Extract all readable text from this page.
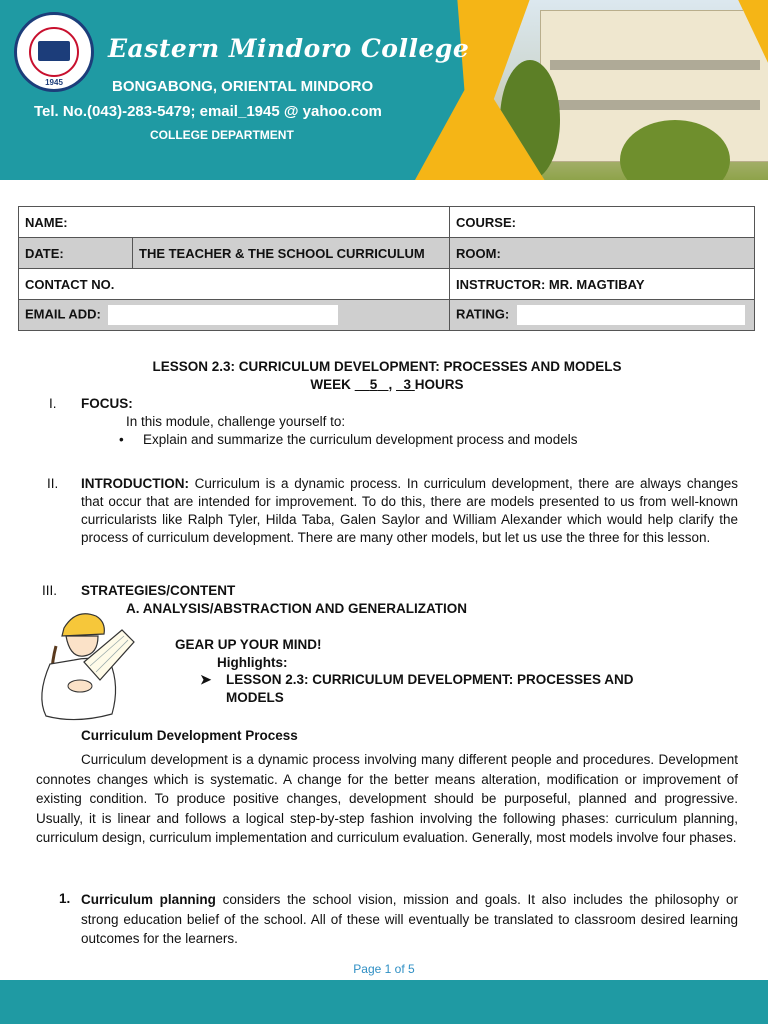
1945
Eastern Mindoro College
BONGABONG, ORIENTAL MINDORO
Tel. No.(043)-283-5479; email_1945 @ yahoo.com
COLLEGE DEPARTMENT
NAME:		COURSE:
DATE:	THE TEACHER & THE SCHOOL CURRICULUM	ROOM:
CONTACT NO.		INSTRUCTOR: MR. MAGTIBAY
EMAIL ADD:		RATING:
LESSON 2.3: CURRICULUM DEVELOPMENT: PROCESSES AND MODELS
WEEK 5 ,   3 HOURS
I. FOCUS:
In this module, challenge yourself to:
• Explain and summarize the curriculum development process and models
II. INTRODUCTION: Curriculum is a dynamic process. In curriculum development, there are always changes that occur that are intended for improvement. To do this, there are models presented to us from well-known curricularists like Ralph Tyler, Hilda Taba, Galen Saylor and William Alexander which would help clarify the process of curriculum development. There are many other models, but let us use the three for this lesson.
III. STRATEGIES/CONTENT
A. ANALYSIS/ABSTRACTION AND GENERALIZATION
GEAR UP YOUR MIND!
Highlights:
➤ LESSON 2.3: CURRICULUM DEVELOPMENT: PROCESSES AND
MODELS
Curriculum Development Process
Curriculum development is a dynamic process involving many different people and procedures. Development connotes changes which is systematic. A change for the better means alteration, modification or improvement of existing condition. To produce positive changes, development should be purposeful, planned and progressive. Usually, it is linear and follows a logical step-by-step fashion involving the following phases: curriculum planning, curriculum design, curriculum implementation and curriculum evaluation. Generally, most models involve four phases.
1. Curriculum planning considers the school vision, mission and goals. It also includes the philosophy or strong education belief of the school. All of these will eventually be translated to classroom desired learning outcomes for the learners.
Page 1 of 5
